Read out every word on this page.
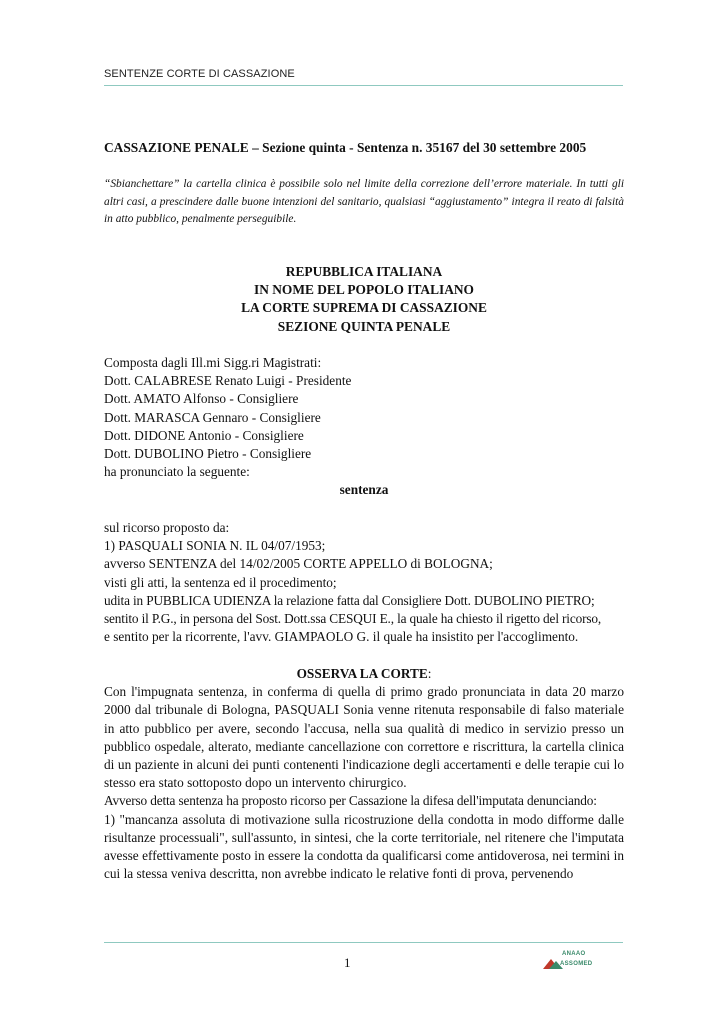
SENTENZE CORTE DI CASSAZIONE
CASSAZIONE PENALE – Sezione quinta - Sentenza n. 35167 del 30 settembre 2005
“Sbianchettare” la cartella clinica è possibile solo nel limite della correzione dell’errore materiale. In tutti gli altri casi, a prescindere dalle buone intenzioni del sanitario, qualsiasi “aggiustamento” integra il reato di falsità in atto pubblico, penalmente perseguibile.
REPUBBLICA ITALIANA
IN NOME DEL POPOLO ITALIANO
LA CORTE SUPREMA DI CASSAZIONE
SEZIONE QUINTA PENALE
Composta dagli Ill.mi Sigg.ri Magistrati:
Dott. CALABRESE Renato Luigi - Presidente
Dott. AMATO Alfonso - Consigliere
Dott. MARASCA Gennaro - Consigliere
Dott. DIDONE Antonio - Consigliere
Dott. DUBOLINO Pietro - Consigliere
ha pronunciato la seguente:
sentenza
sul ricorso proposto da:
1) PASQUALI SONIA N. IL 04/07/1953;
avverso SENTENZA del 14/02/2005 CORTE APPELLO di BOLOGNA;
visti gli atti, la sentenza ed il procedimento;
udita in PUBBLICA UDIENZA la relazione fatta dal Consigliere Dott. DUBOLINO PIETRO;
sentito il P.G., in persona del Sost. Dott.ssa CESQUI E., la quale ha chiesto il rigetto del ricorso,
e sentito per la ricorrente, l'avv. GIAMPAOLO G. il quale ha insistito per l'accoglimento.
OSSERVA LA CORTE:
Con l'impugnata sentenza, in conferma di quella di primo grado pronunciata in data 20 marzo 2000 dal tribunale di Bologna, PASQUALI Sonia venne ritenuta responsabile di falso materiale in atto pubblico per avere, secondo l'accusa, nella sua qualità di medico in servizio presso un pubblico ospedale, alterato, mediante cancellazione con correttore e riscrittura, la cartella clinica di un paziente in alcuni dei punti contenenti l'indicazione degli accertamenti e delle terapie cui lo stesso era stato sottoposto dopo un intervento chirurgico.
Avverso detta sentenza ha proposto ricorso per Cassazione la difesa dell'imputata denunciando:
1) "mancanza assoluta di motivazione sulla ricostruzione della condotta in modo difforme dalle risultanze processuali", sull'assunto, in sintesi, che la corte territoriale, nel ritenere che l'imputata avesse effettivamente posto in essere la condotta da qualificarsi come antidoverosa, nei termini in cui la stessa veniva descritta, non avrebbe indicato le relative fonti di prova, pervenendo
1
ANAAO
ASSOMED
